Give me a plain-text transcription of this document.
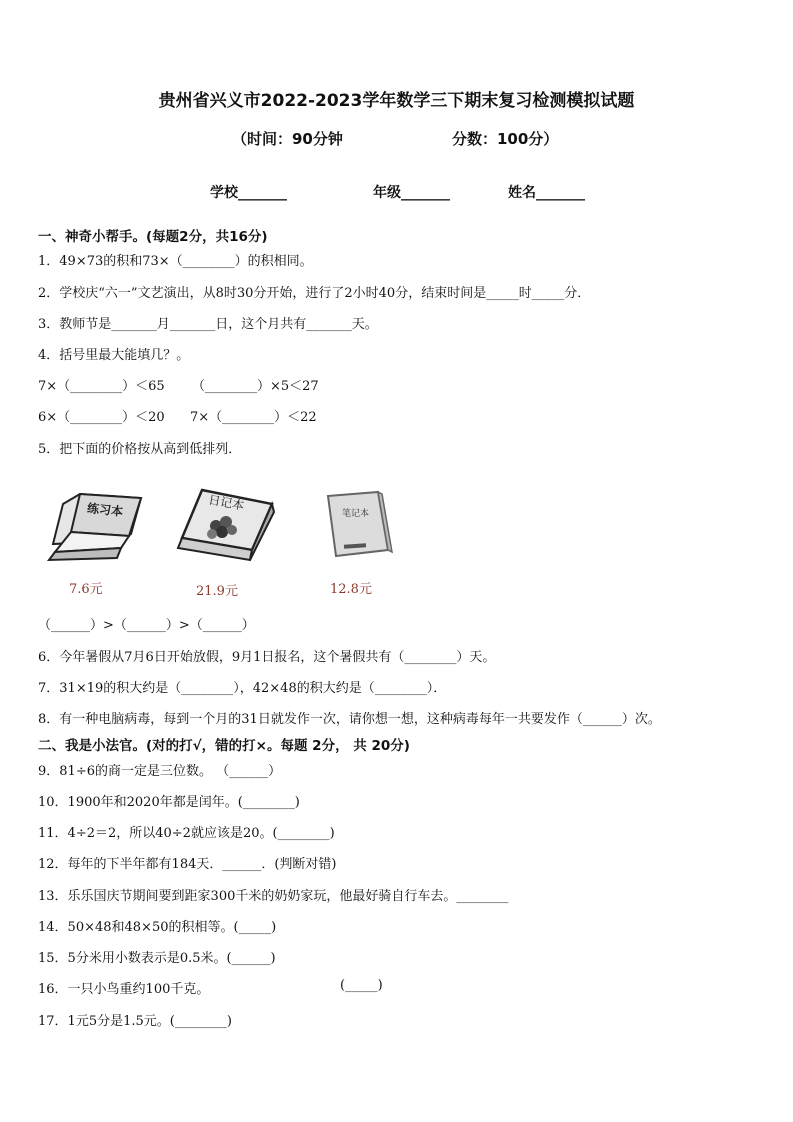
贵州省兴义市2022-2023学年数学三下期末复习检测模拟试题
（时间：90分钟	分数：100分）
学校_______	年级_______	姓名_______
一、神奇小帮手。(每题2分，共16分)
1．49×73的积和73×（________）的积相同。
2．学校庆“六一”文艺演出，从8时30分开始，进行了2小时40分，结束时间是_____时_____分．
3．教师节是_______月_______日，这个月共有_______天。
4．括号里最大能填几？。
7×（________）＜65 （________）×5＜27
6×（________）＜20 7×（________）＜22
5．把下面的价格按从高到低排列．
练习本	日记本
笔记本
7.6元	21.9元	12.8元
（______）>（______）>（______）
6．今年暑假从7月6日开始放假，9月1日报名，这个暑假共有（________）天。
7．31×19的积大约是（________），42×48的积大约是（________）．
8．有一种电脑病毒，每到一个月的31日就发作一次，请你想一想，这种病毒每年一共要发作（______）次。
二、我是小法官。(对的打√，错的打×。每题 2分， 共 20分)
9．81÷6的商一定是三位数。 （______）
10．1900年和2020年都是闰年。(________)
11．4÷2＝2，所以40÷2就应该是20。(________)
12．每年的下半年都有184天．______．(判断对错)
13．乐乐国庆节期间要到距家300千米的奶奶家玩，他最好骑自行车去。________
14．50×48和48×50的积相等。(_____)
15．5分米用小数表示是0.5米。(______)
16．一只小鸟重约100千克。	(_____)
17．1元5分是1.5元。(________)
